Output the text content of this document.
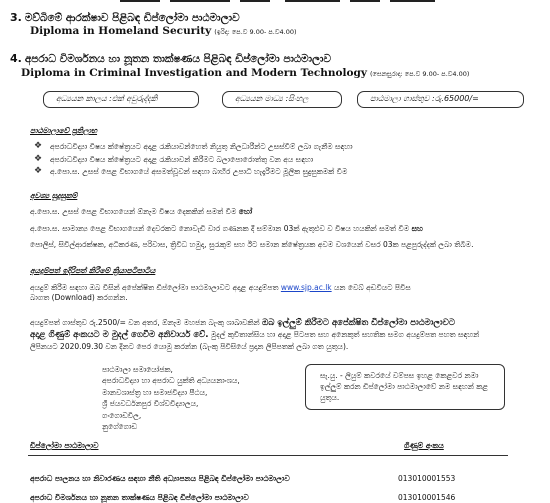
3. මව්බිමේ ආරක්ෂාව පිළිබඳ ඩිප්ලෝමා පාඨමාලාව
Diploma in Homeland Security (ඉරිදා: පෙ.ව 9.00- ප.ව4.00)
4. අපරාධ විමර්ශනය හා නූතන තාක්ෂණය පිළිබඳ ඩිප්ලෝමා පාඨමාලාව
Diploma in Criminal Investigation and Modern Technology (සෙනසුරාදා: පෙ.ව 9.00- ප.ව4.00)
අධ්‍යයන කාලය :එක් අවුරුද්දකි	අධ්‍යයන මාධ්‍ය :සිංහල	පාඨමාලා ගාස්තුව :රු.65000/=
පාඨමාලාවේ ප්‍රතිලාභ
❖	අපරාධවිද්‍යා විෂය ක්ෂේත්‍රයට අදාළ රැකියාවන්හෙත් නියුතු නිලධාරීන්ට උසස්වීම් ලබා ගැනීම සඳහා
❖	අපරාධවිද්‍යා විෂය ක්ෂේත්‍රයට අදාළ රැකියාවන් කිරීමට බලාපොරොත්තු වන අය සඳහා
❖	අ.පො.ස. උසස් පෙළ විභාගයේ අසමත්වූවන් සඳහා බාහිර උපාධි හැදෑරීමට මූලික සුදුසුකමක් වීම
අවශ්‍ය සුදුසුකම්
අ.පො.ස. උසස් පෙළ විභාගයෙන් ඕනෑම විෂය දෙකකින් සමත් වීම හෝ
අ.පො.ස. සාමාන්‍ය පෙළ විභාගයෙන් දෙවරකට නොවැඩි වාර ගණනක දී සම්මාන 03ක් ඇතුළුව ව විෂය හයකින් සමත් වීම සහ
පොලිස්, සිවිල්ආරක්ෂක, අධිකරණ, පරිවාස, ත්‍රිවිධ හමුදා, සුරැකුම් සහ ඊට සමාන ක්ෂේත්‍රයක අවම වශයෙන් වසර 03ක පළපුරුද්දක් ලබා තිබීම.
අයදුම්පත් ඉදිරිපත් කිරීමේ ක්‍රියාපටිපාටිය
අයදුම් කිරීම සඳහා ඔබ විසින් අපේක්ෂිත ඩිප්ලෝමා පාඨමාලාවට අදාළ අයදුම්පත www.sjp.ac.lk යන වෙබ් අඩවියට පිවිස
බාගත (Download) කරගන්න.
අයදුම්පත් ගාස්තුව රු.2500/= වන අතර, ඕනෑම මහජන බැංකු ශාඛාවකින් ඔබ ඉල්ලුම් කිරීමට අපේක්ෂිත ඩිප්ලෝමා පාඨමාලාවට
අදාළ ගිණුම් අංකයට ම මුදල් ගෙවීම අනිවාර්ය වේ. මුදල් කුවිතාන්සිය හා අදාළ පිටපත සහ අනෙකුත් සහතික සමග අයදුම්පත පහත සඳහන්
ලිපිනයට 2020.09.30 වන දිනට පෙර යොමු කරන්න (බැංකු පිවිසියේ ප්‍රදාන ලිපිපතක් ලබා ගත යුතුය).
පාඨමාලා සමායෝජක,
අපරාධවිද්‍යා හා අපරාධ යුක්ති අධ්‍යයනාංශය,
මානවශාස්ත්‍ර හා සමාජවිද්‍යා පීඨය,
ශ්‍රී ජයවර්ධනපුර විශ්වවිද්‍යාලය,
ගංගොඩවිල,
නුගේගොඩ
සැ.යු. - ලියුම් කවරයේ වම්පස ඉහළ කෙළවර නමා ඉල්ලුම් කරන ඩිප්ලෝමා පාඨමාලාවේ නම සඳහන් කළ යුතුය.
ඩිප්ලෝමා පාඨමාලාව	ගිණුම් අංකය
අපරාධ පාලනය හා නිවාරණය සඳහා නීති අධ්‍යාපනය පිළිබඳ ඩිප්ලෝමා පාඨමාලාව	013010001553
අපරාධ විමර්ශනය හා නූතන තාක්ෂණය පිළිබඳ ඩිප්ලෝමා පාඨමාලාව	013010001546
